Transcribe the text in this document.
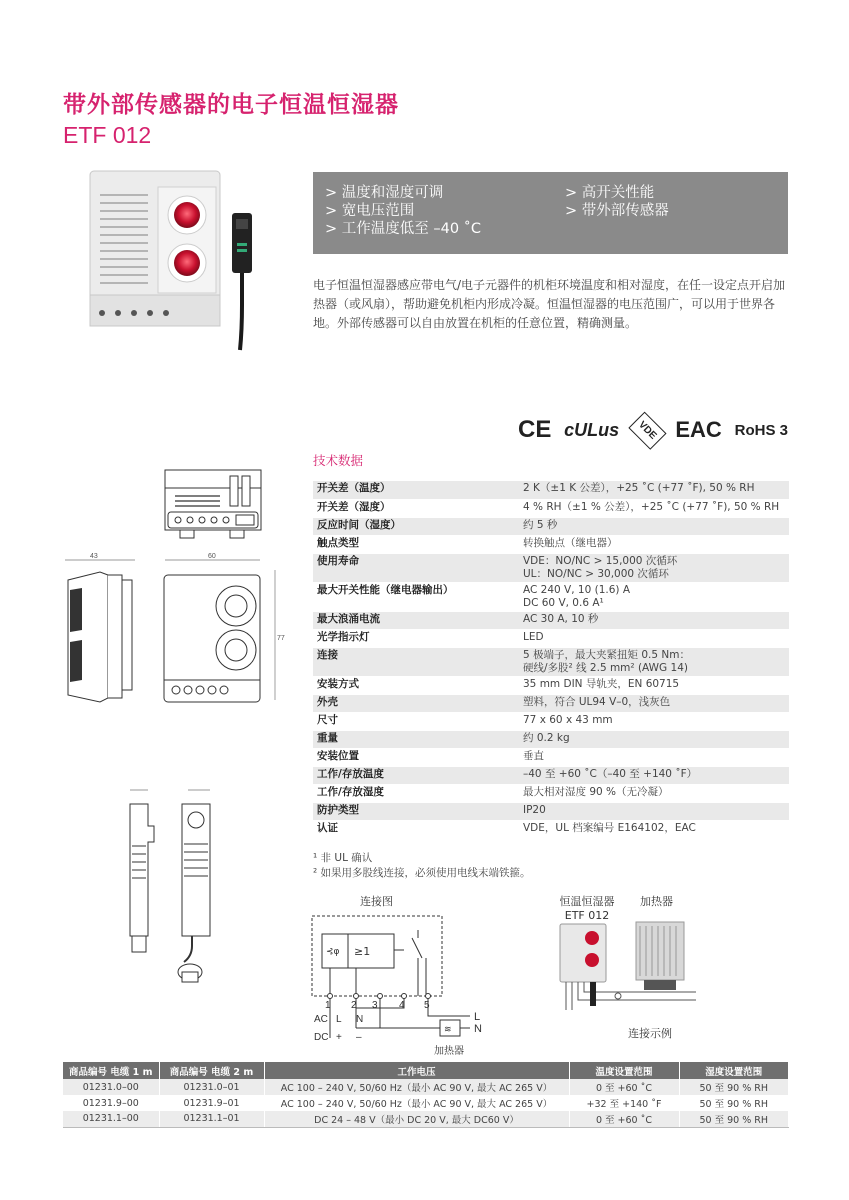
带外部传感器的电子恒温恒湿器
ETF 012
> 温度和湿度可调
> 宽电压范围
> 工作温度低至 –40 ˚C
> 高开关性能
> 带外部传感器
电子恒温恒湿器感应带电气/电子元器件的机柜环境温度和相对湿度，在任一设定点开启加热器（或风扇），帮助避免机柜内形成冷凝。恒温恒湿器的电压范围广，可以用于世界各地。外部传感器可以自由放置在机柜的任意位置，精确测量。
CE cULus	VDE EAC RoHS 3
技术数据
开关差（温度）	2 K（±1 K 公差），+25 ˚C (+77 ˚F), 50 % RH

开关差（湿度）	4 % RH（±1 % 公差），+25 ˚C (+77 ˚F), 50 % RH

反应时间（湿度）	约 5 秒

触点类型	转换触点（继电器）

使用寿命	VDE：NO/NC > 15,000 次循环
UL：NO/NC > 30,000 次循环

最大开关性能（继电器输出）	AC 240 V, 10 (1.6) A
DC 60 V, 0.6 A¹

最大浪涌电流	AC 30 A, 10 秒

光学指示灯	LED

连接	5 极端子，最大夹紧扭矩 0.5 Nm：
硬线/多股² 线 2.5 mm² (AWG 14)

安装方式	35 mm DIN 导轨夹，EN 60715

外壳	塑料，符合 UL94 V–0，浅灰色

尺寸	77 x 60 x 43 mm

重量	约 0.2 kg

安装位置	垂直

工作/存放温度	–40 至 +60 ˚C（–40 至 +140 ˚F）

工作/存放湿度	最大相对湿度 90 %（无冷凝）

防护类型	IP20

认证	VDE，UL 档案编号 E164102，EAC
¹ 非 UL 确认
² 如果用多股线连接，必须使用电线末端铁箍。
43	60
77
连接图
⊰φ ≥1
1 2 3 4 5
≋
L
N
AC L N
DC + –
加热器
恒温恒湿器
ETF 012
加热器
连接示例
商品编号 电缆 1 m	商品编号 电缆 2 m	工作电压	温度设置范围	湿度设置范围
01231.0–00	01231.0–01	AC 100 – 240 V, 50/60 Hz（最小 AC 90 V, 最大 AC 265 V）	0 至 +60 ˚C	50 至 90 % RH
01231.9–00	01231.9–01	AC 100 – 240 V, 50/60 Hz（最小 AC 90 V, 最大 AC 265 V）	+32 至 +140 ˚F	50 至 90 % RH
01231.1–00	01231.1–01	DC 24 – 48 V（最小 DC 20 V, 最大 DC60 V）	0 至 +60 ˚C	50 至 90 % RH
